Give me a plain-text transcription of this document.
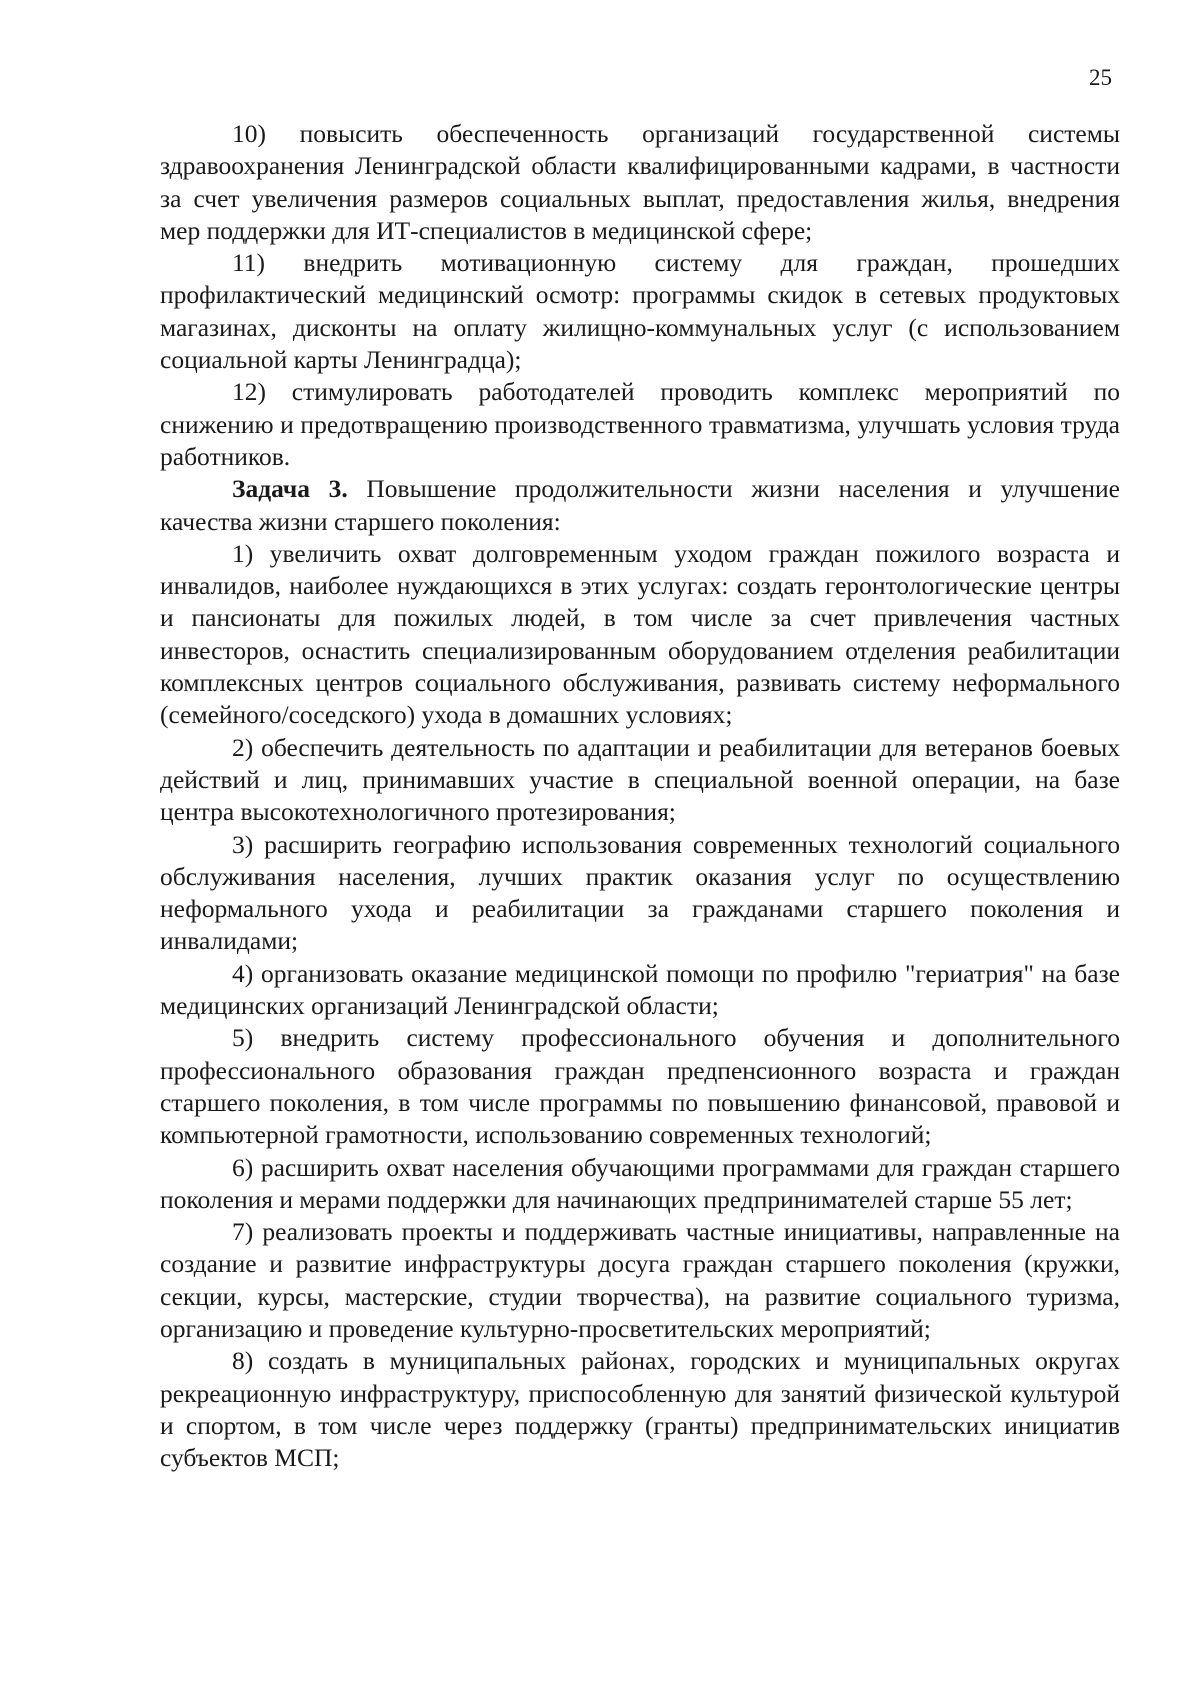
25

10) повысить обеспеченность организаций государственной системы здравоохранения Ленинградской области квалифицированными кадрами, в частности за счет увеличения размеров социальных выплат, предоставления жилья, внедрения мер поддержки для ИТ-специалистов в медицинской сфере;

11) внедрить мотивационную систему для граждан, прошедших профилактический медицинский осмотр: программы скидок в сетевых продуктовых магазинах, дисконты на оплату жилищно-коммунальных услуг (с использованием социальной карты Ленинградца);

12) стимулировать работодателей проводить комплекс мероприятий по снижению и предотвращению производственного травматизма, улучшать условия труда работников.

Задача 3. Повышение продолжительности жизни населения и улучшение качества жизни старшего поколения:

1) увеличить охват долговременным уходом граждан пожилого возраста и инвалидов, наиболее нуждающихся в этих услугах: создать геронтологические центры и пансионаты для пожилых людей, в том числе за счет привлечения частных инвесторов, оснастить специализированным оборудованием отделения реабилитации комплексных центров социального обслуживания, развивать систему неформального (семейного/соседского) ухода в домашних условиях;

2) обеспечить деятельность по адаптации и реабилитации для ветеранов боевых действий и лиц, принимавших участие в специальной военной операции, на базе центра высокотехнологичного протезирования;

3) расширить географию использования современных технологий социального обслуживания населения, лучших практик оказания услуг по осуществлению неформального ухода и реабилитации за гражданами старшего поколения и инвалидами;

4) организовать оказание медицинской помощи по профилю "гериатрия" на базе медицинских организаций Ленинградской области;

5) внедрить систему профессионального обучения и дополнительного профессионального образования граждан предпенсионного возраста и граждан старшего поколения, в том числе программы по повышению финансовой, правовой и компьютерной грамотности, использованию современных технологий;

6) расширить охват населения обучающими программами для граждан старшего поколения и мерами поддержки для начинающих предпринимателей старше 55 лет;

7) реализовать проекты и поддерживать частные инициативы, направленные на создание и развитие инфраструктуры досуга граждан старшего поколения (кружки, секции, курсы, мастерские, студии творчества), на развитие социального туризма, организацию и проведение культурно-просветительских мероприятий;

8) создать в муниципальных районах, городских и муниципальных округах рекреационную инфраструктуру, приспособленную для занятий физической культурой и спортом, в том числе через поддержку (гранты) предпринимательских инициатив субъектов МСП;
